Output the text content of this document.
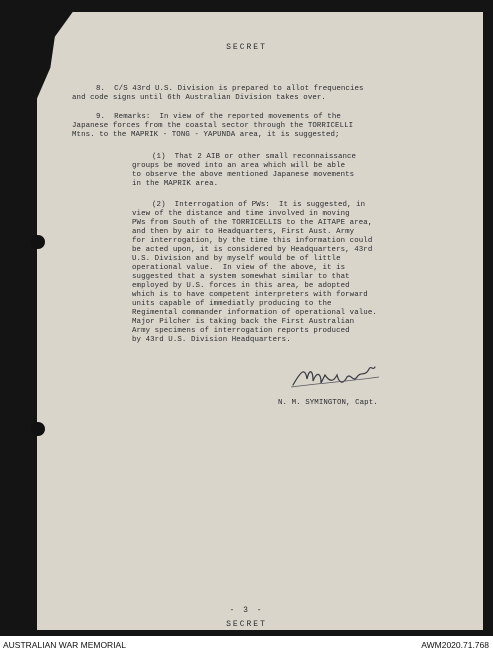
SECRET
8.  C/S 43rd U.S. Division is prepared to allot frequencies
and code signs until 6th Australian Division takes over.
9.  Remarks:  In view of the reported movements of the
Japanese forces from the coastal sector through the TORRICELLI
Mtns. to the MAPRIK - TONG - YAPUNDA area, it is suggested;
(1)  That 2 AIB or other small reconnaissance
groups be moved into an area which will be able
to observe the above mentioned Japanese movements
in the MAPRIK area.
(2)  Interrogation of PWs:  It is suggested, in
view of the distance and time involved in moving
PWs from South of the TORRICELLIS to the AITAPE area,
and then by air to Headquarters, First Aust. Army
for interrogation, by the time this information could
be acted upon, it is considered by Headquarters, 43rd
U.S. Division and by myself would be of little
operational value.  In view of the above, it is
suggested that a system somewhat similar to that
employed by U.S. forces in this area, be adopted
which is to have competent interpreters with forward
units capable of immediatly producing to the
Regimental commander information of operational value.
Major Pilcher is taking back the First Australian
Army specimens of interrogation reports produced
by 43rd U.S. Division Headquarters.
N. M. SYMINGTON, Capt.
- 3 -
SECRET
AUSTRALIAN WAR MEMORIAL	AWM2020.71.768
